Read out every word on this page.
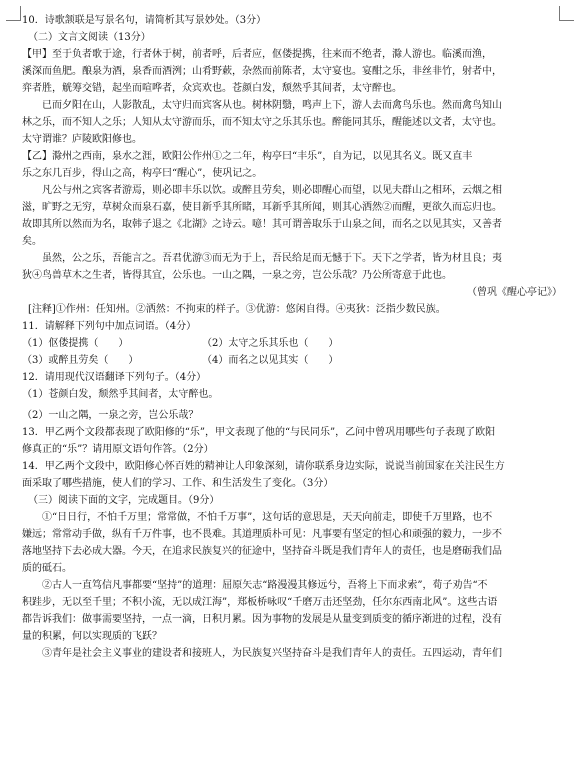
10．诗歌颔联是写景名句，请简析其写景妙处。（3分）
（二）文言文阅读（13分）
【甲】至于负者歌于途，行者休于树，前者呼，后者应，伛偻提携，往来而不绝者，滁人游也。临溪而渔，
溪深而鱼肥。酿泉为酒，泉香而酒洌；山肴野蔌，杂然而前陈者，太守宴也。宴酣之乐，非丝非竹，射者中，
弈者胜，觥筹交错，起坐而喧哗者，众宾欢也。苍颜白发，颓然乎其间者，太守醉也。
已而夕阳在山，人影散乱，太守归而宾客从也。树林阴翳，鸣声上下，游人去而禽鸟乐也。然而禽鸟知山
林之乐，而不知人之乐；人知从太守游而乐，而不知太守之乐其乐也。醉能同其乐，醒能述以文者，太守也。
太守谓谁？庐陵欧阳修也。
【乙】滁州之西南，泉水之涯，欧阳公作州①之二年，构亭曰“丰乐”，自为记，以见其名义。既又直丰
乐之东几百步，得山之高，构亭曰“醒心”，使巩记之。
凡公与州之宾客者游焉，则必即丰乐以饮。或醉且劳矣，则必即醒心而望，以见夫群山之相环，云烟之相
滋，旷野之无穷，草树众而泉石嘉，使目新乎其所睹，耳新乎其所闻，则其心洒然②而醒，更欲久而忘归也。
故即其所以然而为名，取韩子退之《北湖》之诗云。噫！其可谓善取乐于山泉之间，而名之以见其实，又善者
矣。
虽然，公之乐，吾能言之。吾君优游③而无为于上，吾民给足而无憾于下。天下之学者，皆为材且良；夷
狄④鸟兽草木之生者，皆得其宜，公乐也。一山之隅，一泉之旁，岂公乐哉？乃公所寄意于此也。
（曾巩《醒心亭记》）
[注释]①作州：任知州。②洒然：不拘束的样子。③优游：悠闲自得。④夷狄：泛指少数民族。
11．请解释下列句中加点词语。（4分）
（1）伛偻提携（　　）	（2）太守之乐其乐也（　　）
（3）或醉且劳矣（　　）	（4）而名之以见其实（　　）
12．请用现代汉语翻译下列句子。（4分）
（1）苍颜白发，颓然乎其间者，太守醉也。
（2）一山之隅，一泉之旁，岂公乐哉？
13．甲乙两个文段都表现了欧阳修的“乐”，甲文表现了他的“与民同乐”，乙问中曾巩用哪些句子表现了欧阳
修真正的“乐”？请用原文语句作答。（2分）
14．甲乙两个文段中，欧阳修心怀百姓的精神让人印象深刻，请你联系身边实际，说说当前国家在关注民生方
面采取了哪些措施，使人们的学习、工作、和生活发生了变化。（3分）
（三）阅读下面的文字，完成题目。（9分）
①“日日行，不怕千万里；常常做，不怕千万事”，这句话的意思是，天天向前走，即使千万里路，也不
嫌远；常常动手做，纵有千万件事，也不畏难。其道理质朴可见：凡事要有坚定的恒心和顽强的毅力，一步不
落地坚持下去必成大器。今天，在追求民族复兴的征途中，坚持奋斗既是我们青年人的责任，也是磨砺我们品
质的砥石。
②古人一直笃信凡事都要“坚持”的道理：屈原矢志“路漫漫其修远兮，吾将上下而求索”，荀子劝告“不
积跬步，无以至千里；不积小流，无以成江海”，郑板桥咏叹“千磨万击还坚劲，任尔东西南北风”。这些古语
都告诉我们：做事需要坚持，一点一滴，日积月累。因为事物的发展是从量变到质变的循序渐进的过程，没有
量的积累，何以实现质的飞跃？
③青年是社会主义事业的建设者和接班人，为民族复兴坚持奋斗是我们青年人的责任。五四运动，青年们
